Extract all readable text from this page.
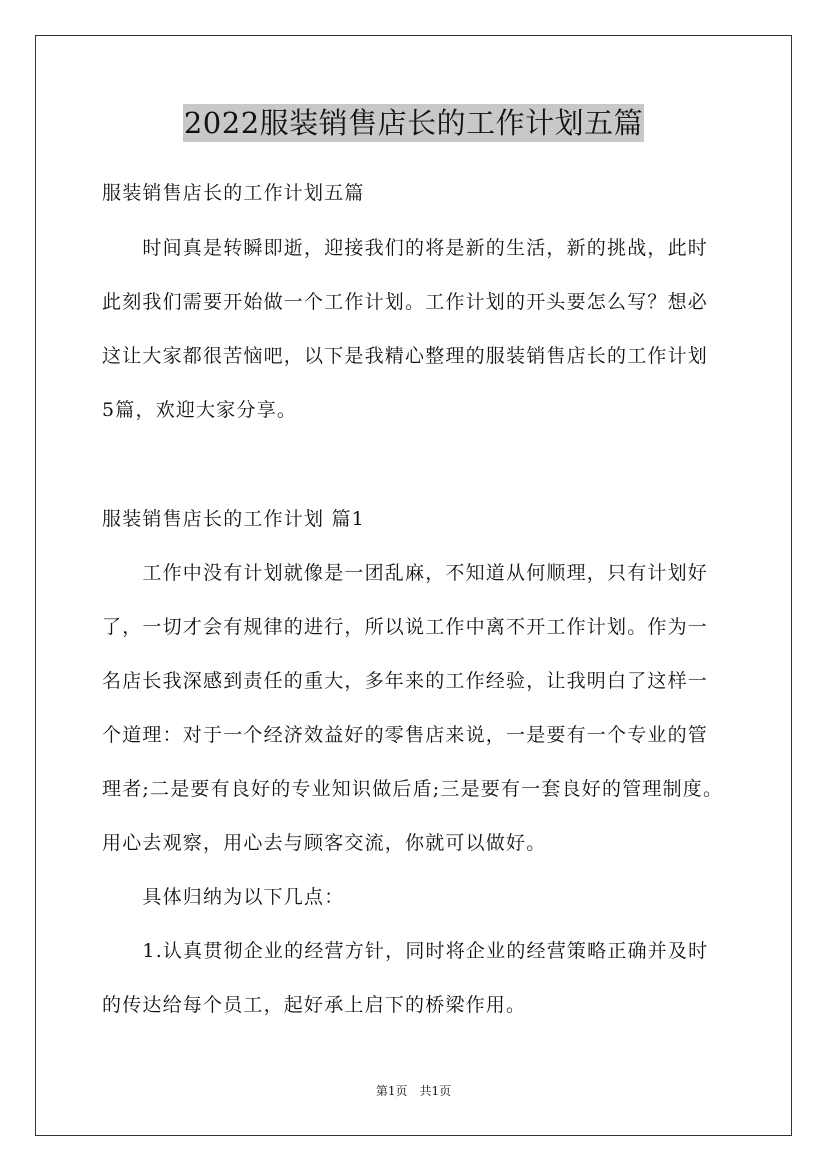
2022服装销售店长的工作计划五篇
服装销售店长的工作计划五篇
　　时间真是转瞬即逝，迎接我们的将是新的生活，新的挑战，此时
此刻我们需要开始做一个工作计划。工作计划的开头要怎么写？想必
这让大家都很苦恼吧，以下是我精心整理的服装销售店长的工作计划
5篇，欢迎大家分享。
服装销售店长的工作计划 篇1
　　工作中没有计划就像是一团乱麻，不知道从何顺理，只有计划好
了，一切才会有规律的进行，所以说工作中离不开工作计划。作为一
名店长我深感到责任的重大，多年来的工作经验，让我明白了这样一
个道理：对于一个经济效益好的零售店来说，一是要有一个专业的管
理者;二是要有良好的专业知识做后盾;三是要有一套良好的管理制度。
用心去观察，用心去与顾客交流，你就可以做好。
　　具体归纳为以下几点：
　　1.认真贯彻企业的经营方针，同时将企业的经营策略正确并及时
的传达给每个员工，起好承上启下的桥梁作用。
第1页　共1页
